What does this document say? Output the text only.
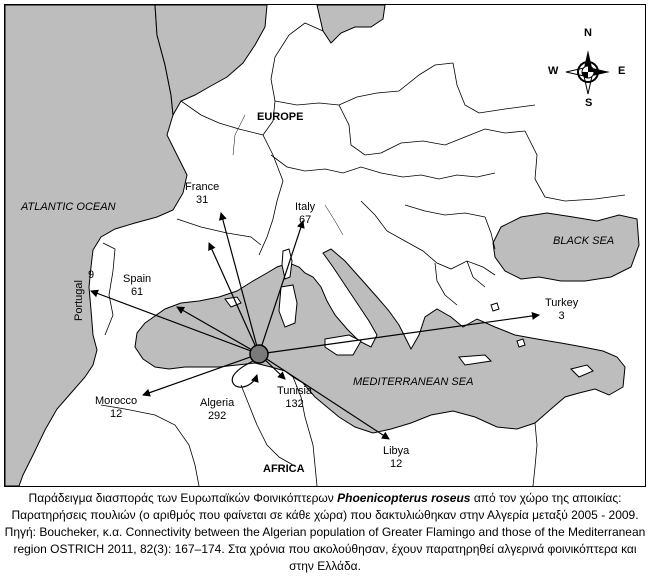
N
S
E
W
EUROPE
AFRICA
ATLANTIC OCEAN
BLACK SEA
MEDITERRANEAN SEA
France
31
Italy
67
Spain
61
9
Portugal	Turkey
3
Morocco
12
Algeria
292
Tunisia
132
Libya
12
Παράδειγμα διασποράς των Ευρωπαϊκών Φοινικόπτερων Phoenicopterus roseus από τον χώρο της αποικίας: Παρατηρήσεις πουλιών (ο αριθμός που φαίνεται σε κάθε χώρα) που δακτυλιώθηκαν στην Αλγερία μεταξύ 2005 - 2009. Πηγή: Boucheker, κ.α. Connectivity between the Algerian population of Greater Flamingo and those of the Mediterranean region OSTRICH 2011, 82(3): 167–174. Στα χρόνια που ακολούθησαν, έχουν παρατηρηθεί αλγερινά φοινικόπτερα και στην Ελλάδα.
